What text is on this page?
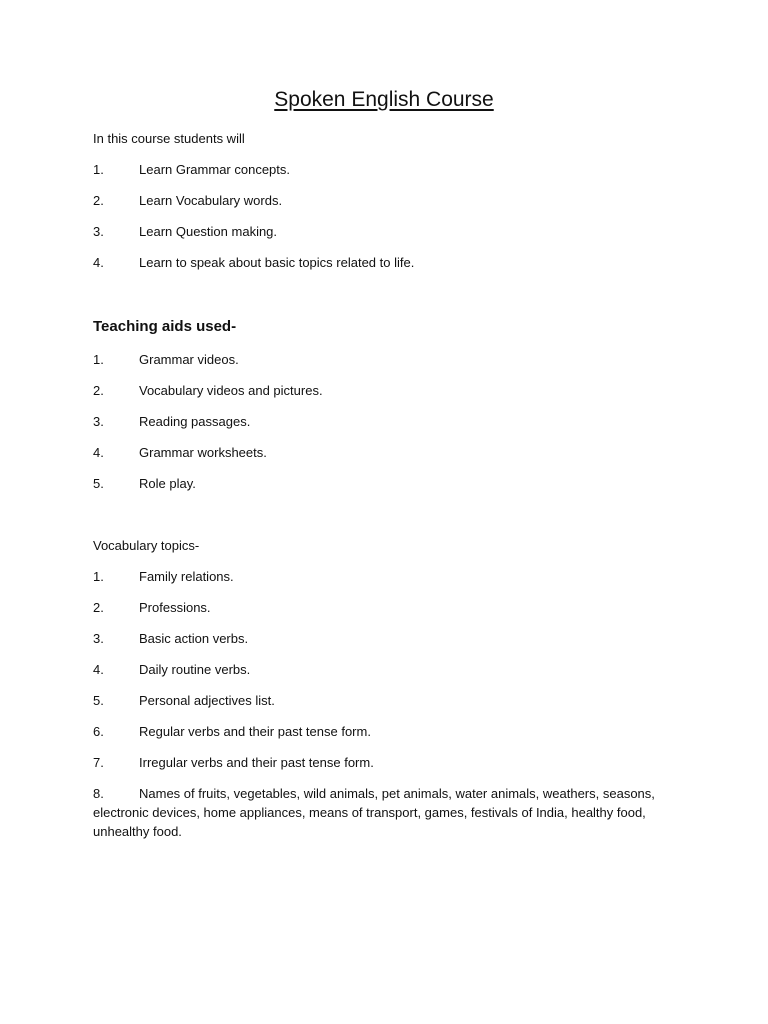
Spoken English Course
In this course students will
1.	Learn Grammar concepts.
2.	Learn Vocabulary words.
3.	Learn Question making.
4.	Learn to speak about basic topics related to life.
Teaching aids used-
1.	Grammar videos.
2.	Vocabulary videos and pictures.
3.	Reading passages.
4.	Grammar worksheets.
5.	Role play.
Vocabulary topics-
1.	Family relations.
2.	Professions.
3.	Basic action verbs.
4.	Daily routine verbs.
5.	Personal adjectives list.
6.	Regular verbs and their past tense form.
7.	Irregular verbs and their past tense form.
8.	Names of fruits, vegetables, wild animals, pet animals, water animals, weathers, seasons, electronic devices, home appliances, means of transport, games, festivals of India, healthy food, unhealthy food.
